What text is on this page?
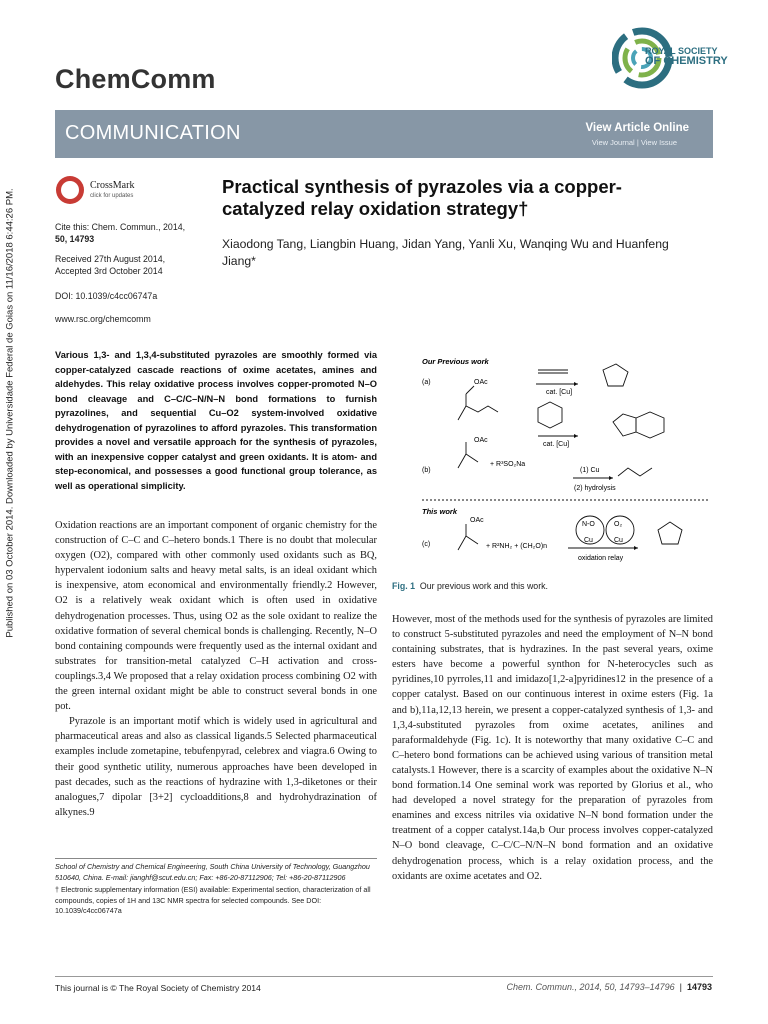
Published on 03 October 2014. Downloaded by Universidade Federal de Goias on 11/16/2018 6:44:26 PM.
ChemComm
ROYAL SOCIETY
OF CHEMISTRY
COMMUNICATION	View Article Online
View Journal | View Issue
CrossMark
click for updates
Cite this: Chem. Commun., 2014,
50, 14793
Received 27th August 2014,
Accepted 3rd October 2014
DOI: 10.1039/c4cc06747a
www.rsc.org/chemcomm
Practical synthesis of pyrazoles via a copper-catalyzed relay oxidation strategy†
Xiaodong Tang, Liangbin Huang, Jidan Yang, Yanli Xu, Wanqing Wu and Huanfeng Jiang*
Various 1,3- and 1,3,4-substituted pyrazoles are smoothly formed via copper-catalyzed cascade reactions of oxime acetates, amines and aldehydes. This relay oxidative process involves copper-promoted N–O bond cleavage and C–C/C–N/N–N bond formations to furnish pyrazolines, and sequential Cu–O2 system-involved oxidative dehydrogenation of pyrazolines to afford pyrazoles. This transformation provides a novel and versatile approach for the synthesis of pyrazoles, with an inexpensive copper catalyst and green oxidants. It is atom- and step-economical, and possesses a good functional group tolerance, as well as operational simplicity.

Oxidation reactions are an important component of organic chemistry for the construction of C–C and C–hetero bonds.1 There is no doubt that molecular oxygen (O2), compared with other commonly used oxidants such as BQ, hypervalent iodonium salts and heavy metal salts, is an ideal oxidant which is inexpensive, atom economical and environmentally friendly.2 However, O2 is a relatively weak oxidant which is often used in oxidative dehydrogenation processes. Thus, using O2 as the sole oxidant to realize the oxidative formation of several chemical bonds is challenging. Recently, N–O bond containing compounds were frequently used as the internal oxidant and substrates for transition-metal catalyzed C–H activation and cross-couplings.3,4 We proposed that a relay oxidation process combining O2 with the green internal oxidant might be able to construct several bonds in one pot.

Pyrazole is an important motif which is widely used in agricultural and pharmaceutical areas and also as classical ligands.5 Selected pharmaceutical examples include zometapine, tebufenpyrad, celebrex and viagra.6 Owing to their good synthetic utility, numerous approaches have been developed in past decades, such as the reactions of hydrazine with 1,3-diketones or their analogues,7 dipolar [3+2] cycloadditions,8 and hydrohydrazination of alkynes.9

School of Chemistry and Chemical Engineering, South China University of Technology, Guangzhou 510640, China. E-mail: jianghf@scut.edu.cn; Fax: +86-20-87112906; Tel: +86-20-87112906
† Electronic supplementary information (ESI) available: Experimental section, characterization of all compounds, copies of 1H and 13C NMR spectra for selected compounds. See DOI: 10.1039/c4cc06747a
Our Previous work
(a)	OAc
cat. [Cu]
cat. [Cu]
(b)
OAc
+ R³SO₂Na
(1) Cu
(2) hydrolysis
This work
(c)
OAc
+ R²NH₂ + (CH₂O)n
N-O	O₂
Cu	Cu
oxidation relay
Fig. 1 Our previous work and this work.

However, most of the methods used for the synthesis of pyrazoles are limited to construct 5-substituted pyrazoles and need the employment of N–N bond containing substrates, that is hydrazines. In the past several years, oxime esters have become a powerful synthon for N-heterocycles such as pyridines,10 pyrroles,11 and imidazo[1,2-a]pyridines12 in the presence of a copper catalyst. Based on our continuous interest in oxime esters (Fig. 1a and b),11a,12,13 herein, we present a copper-catalyzed synthesis of 1,3- and 1,3,4-substituted pyrazoles from oxime acetates, anilines and paraformaldehyde (Fig. 1c). It is noteworthy that many oxidative C–C and C–hetero bond formations can be achieved using various of transition metal catalysts.1 However, there is a scarcity of examples about the oxidative N–N bond formation.14 One seminal work was reported by Glorius et al., who had developed a novel strategy for the preparation of pyrazoles from enamines and excess nitriles via oxidative N–N bond formation under the treatment of a copper catalyst.14a,b Our process involves copper-catalyzed N–O bond cleavage, C–C/C–N/N–N bond formation and an oxidative dehydrogenation process, which is a relay oxidation process, and the oxidants are oxime acetates and O2.

This journal is © The Royal Society of Chemistry 2014	Chem. Commun., 2014, 50, 14793–14796  |  14793
